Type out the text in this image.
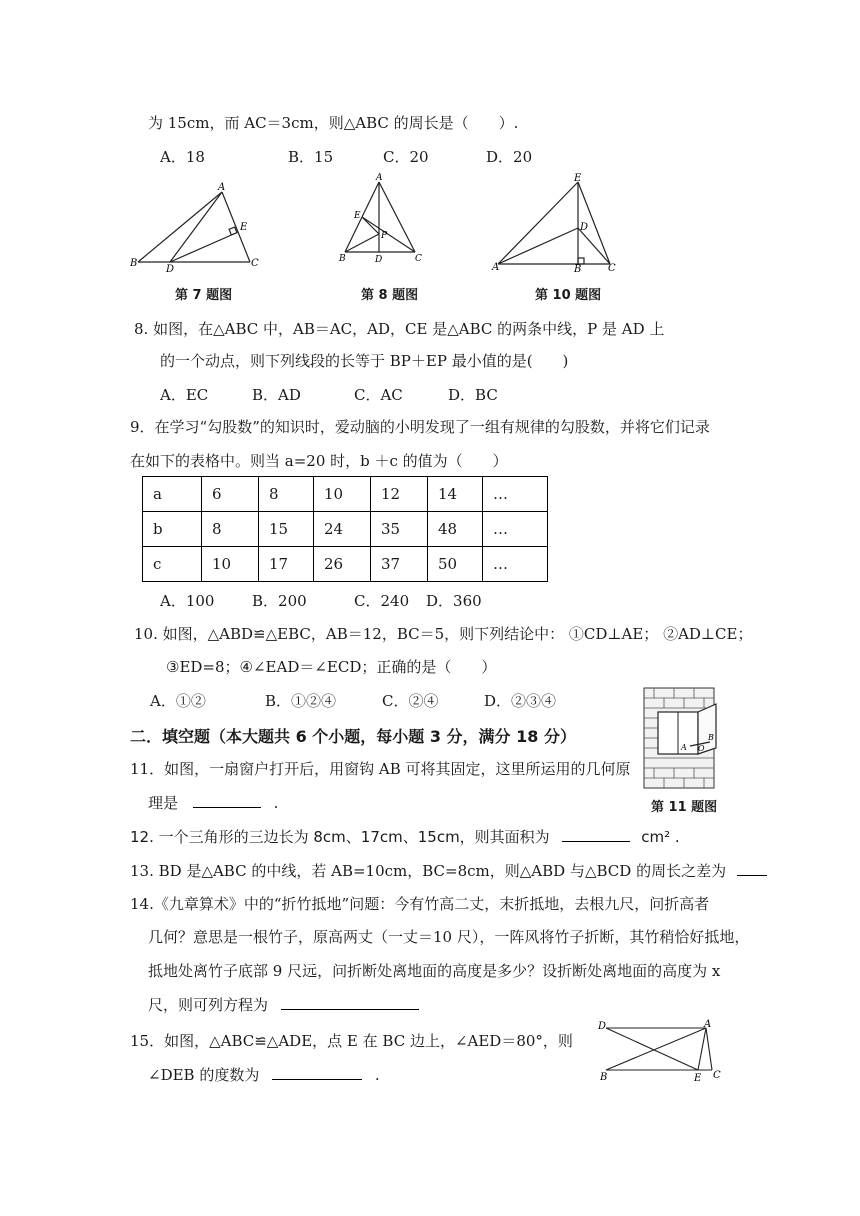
为 15cm，而 AC＝3cm，则△ABC 的周长是（　　）.
A．18	B．15	C．20	D．20
A
E
B
D
C
第 7 题图
A
E
P
B	D	C
第 8 题图
E
D
A	B	C
第 10 题图
8. 如图，在△ABC 中，AB＝AC，AD，CE 是△ABC 的两条中线，P 是 AD 上
的一个动点，则下列线段的长等于 BP＋EP 最小值的是(　　)
A．EC	B．AD	C．AC	D．BC
9．在学习“勾股数”的知识时，爱动脑的小明发现了一组有规律的勾股数，并将它们记录
在如下的表格中。则当 a=20 时，b ＋c 的值为（　　）
a	6	8	10	12	14	…
b	8	15	24	35	48	…
c	10	17	26	37	50	…
A．100	B．200	C．240 D．360
10. 如图，△ABD≌△EBC，AB＝12，BC＝5，则下列结论中： ①CD⊥AE； ②AD⊥CE；
③ED=8；④∠EAD＝∠ECD；正确的是（　　）
A．①②	B．①②④	C．②④	D．②③④
二．填空题（本大题共 6 个小题，每小题 3 分，满分 18 分）
A O
B
第 11 题图
11．如图，一扇窗户打开后，用窗钩 AB 可将其固定，这里所运用的几何原
理是	.
12. 一个三角形的三边长为 8cm、17cm、15cm，则其面积为	cm² .
13. BD 是△ABC 的中线，若 AB=10cm，BC=8cm，则△ABD 与△BCD 的周长之差为
14.《九章算术》中的“折竹抵地”问题：今有竹高二丈，末折抵地，去根九尺，问折高者
几何？意思是一根竹子，原高两丈（一丈＝10 尺），一阵风将竹子折断，其竹稍恰好抵地，
抵地处离竹子底部 9 尺远，问折断处离地面的高度是多少？设折断处离地面的高度为 x
尺，则可列方程为
15．如图，△ABC≌△ADE，点 E 在 BC 边上，∠AED＝80°，则
∠DEB 的度数为	.
D	A
B	E C
